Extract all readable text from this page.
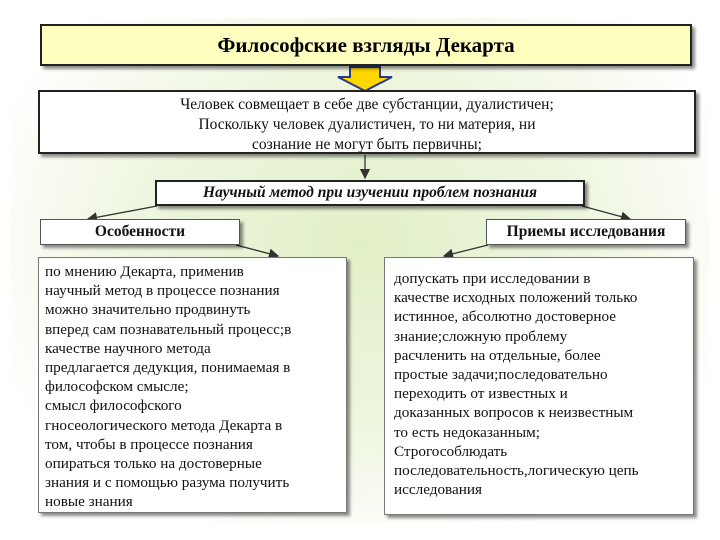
Философские взгляды Декарта
Человек совмещает в себе две субстанции, дуалистичен;
Поскольку человек дуалистичен, то ни материя, ни
сознание не могут быть первичны;
Научный метод при изучении проблем познания
Особенности	Приемы исследования
по мнению Декарта, применив
научный метод в процессе познания
можно значительно продвинуть
вперед сам познавательный процесс;в
качестве научного метода
предлагается дедукция, понимаемая в
философском смысле;
смысл философского
гносеологического метода Декарта в
том, чтобы в процессе познания
опираться только на достоверные
знания и с помощью разума получить
новые знания
допускать при исследовании в
качестве исходных положений только
истинное, абсолютно достоверное
знание;сложную проблему
расчленить на отдельные, более
простые задачи;последовательно
переходить от известных и
доказанных вопросов к неизвестным
то есть недоказанным;
Строгособлюдать
последовательность,логическую цепь
исследования
